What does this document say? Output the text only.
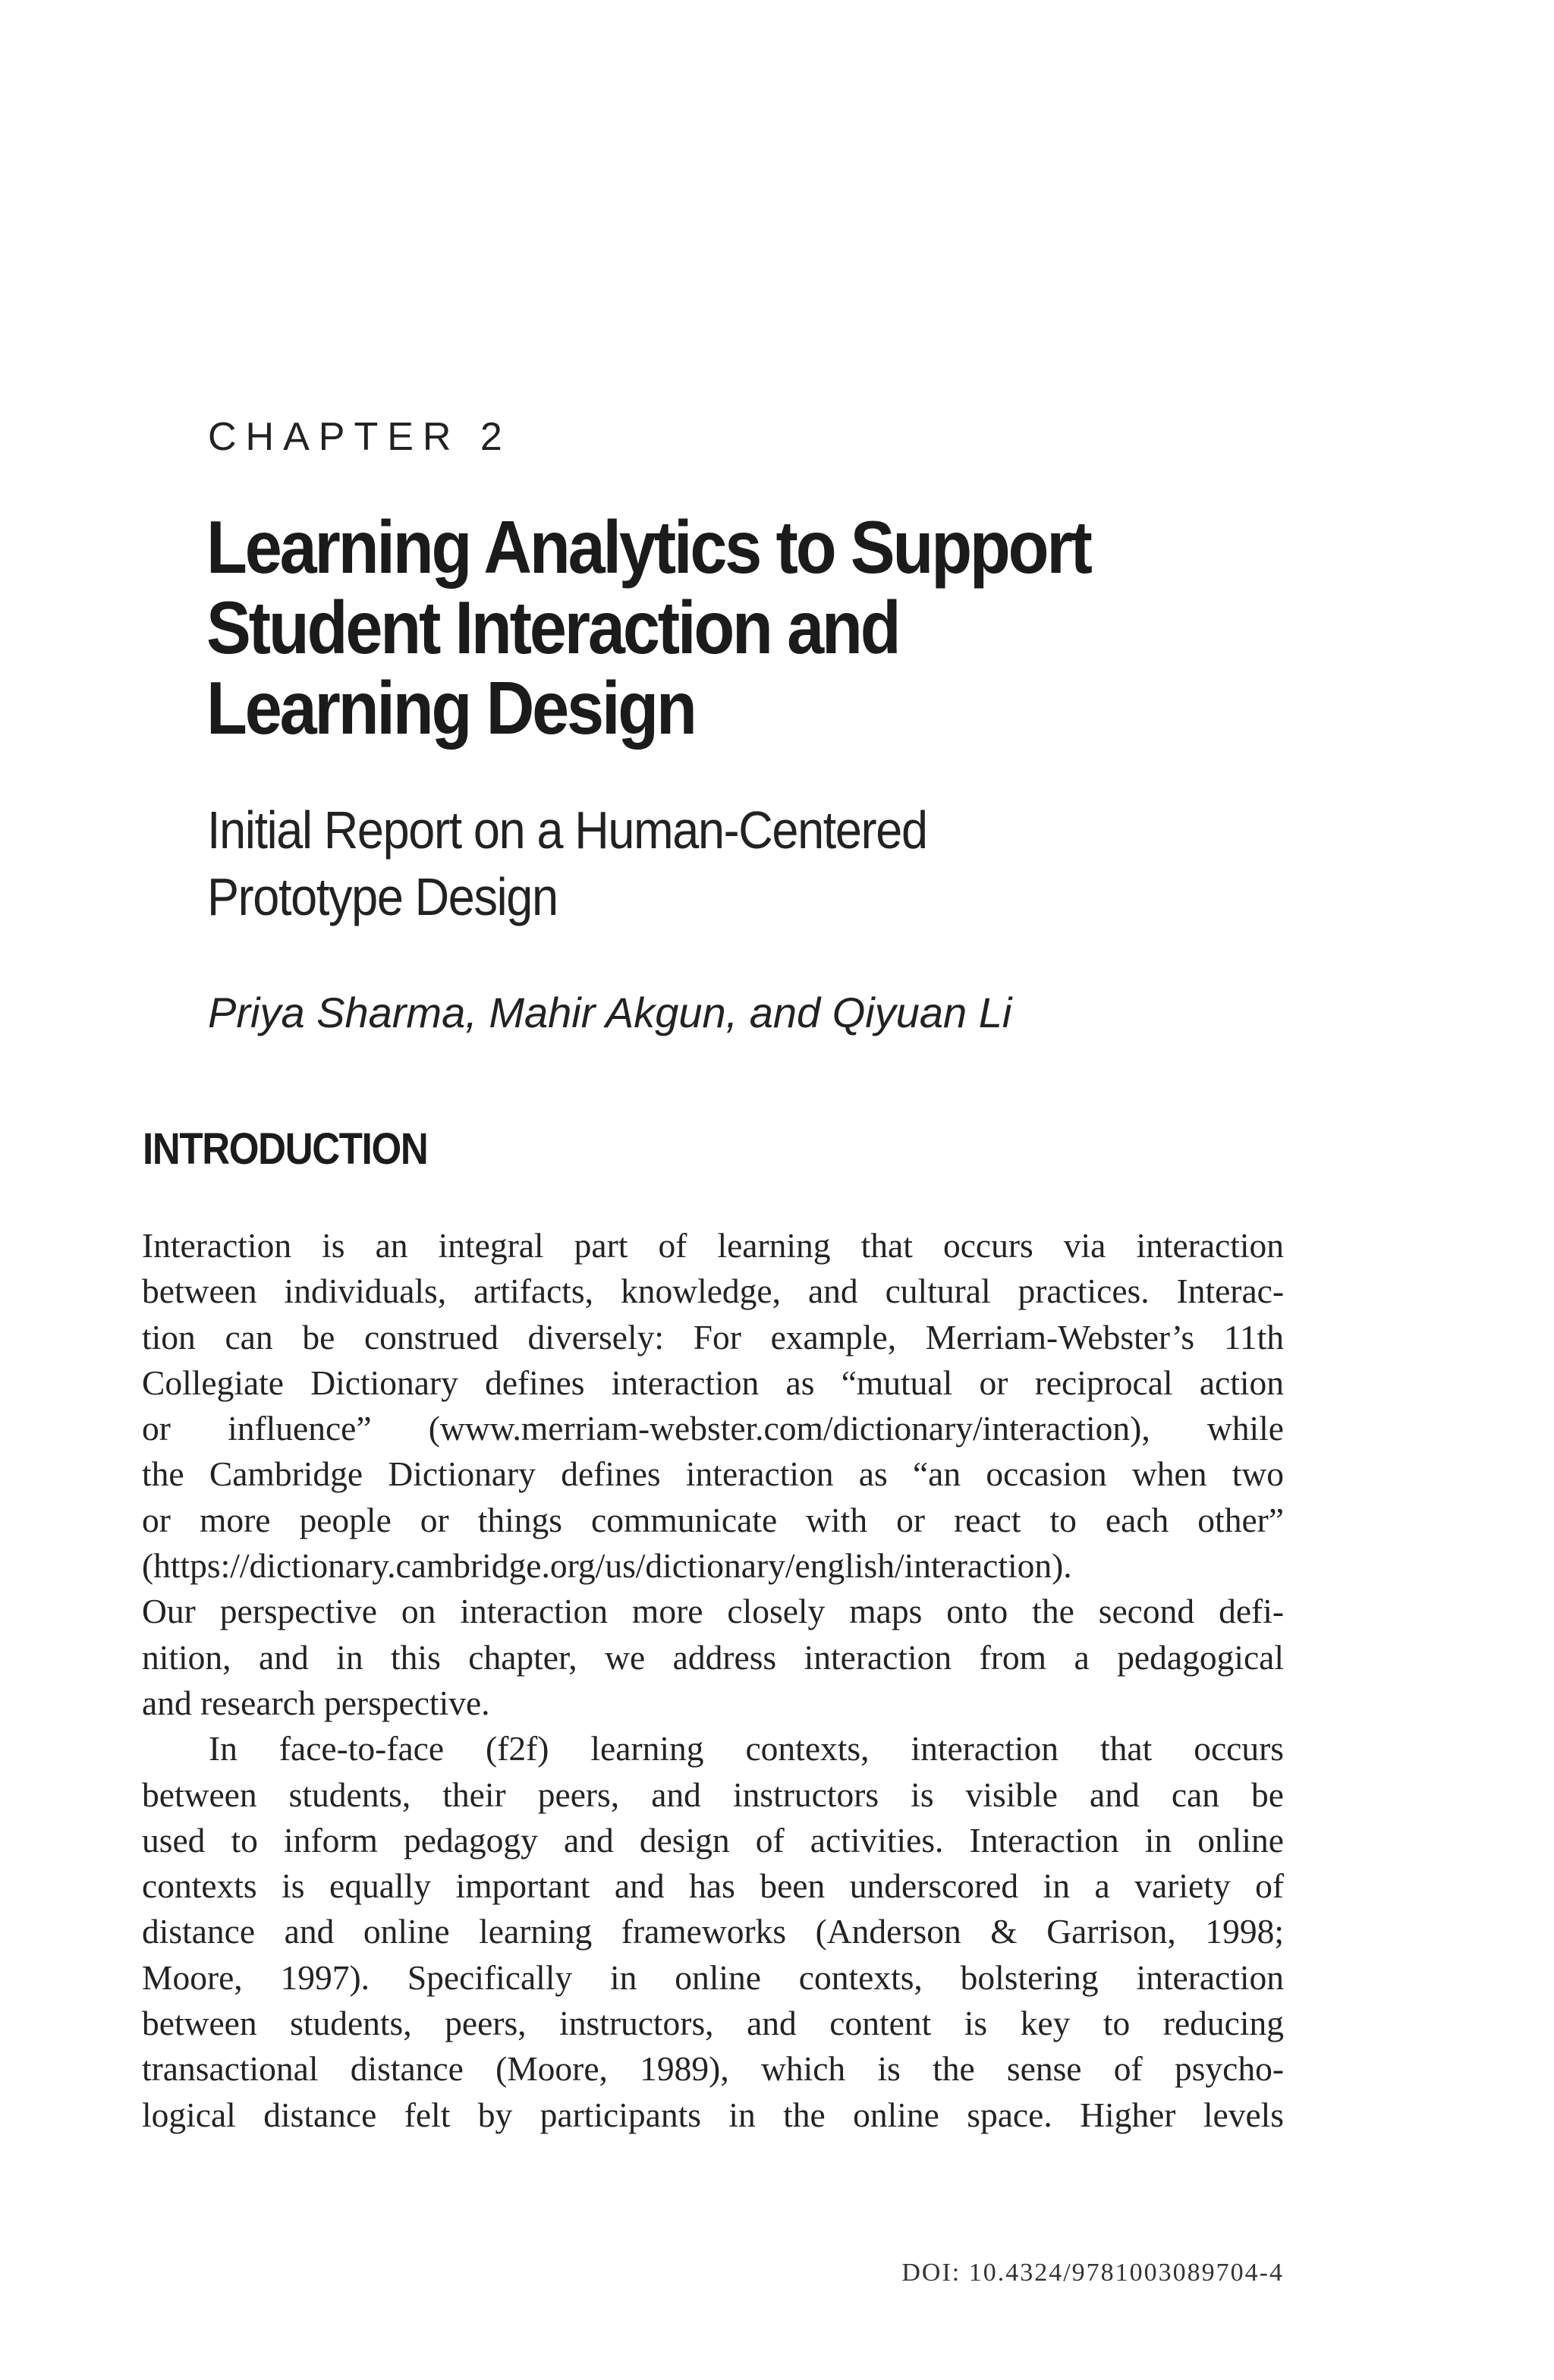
CHAPTER 2
Learning Analytics to Support
Student Interaction and
Learning Design
Initial Report on a Human-Centered
Prototype Design
Priya Sharma, Mahir Akgun, and Qiyuan Li
INTRODUCTION
Interaction is an integral part of learning that occurs via interaction
between individuals, artifacts, knowledge, and cultural practices. Interac-
tion can be construed diversely: For example, Merriam-Webster’s 11th
Collegiate Dictionary defines interaction as “mutual or reciprocal action
or influence” (www.merriam-webster.com/dictionary/interaction), while
the Cambridge Dictionary defines interaction as “an occasion when two
or more people or things communicate with or react to each other”
(https://dictionary.cambridge.org/us/dictionary/english/interaction).
Our perspective on interaction more closely maps onto the second defi-
nition, and in this chapter, we address interaction from a pedagogical
and research perspective.
In face-to-face (f2f) learning contexts, interaction that occurs
between students, their peers, and instructors is visible and can be
used to inform pedagogy and design of activities. Interaction in online
contexts is equally important and has been underscored in a variety of
distance and online learning frameworks (Anderson & Garrison, 1998;
Moore, 1997). Specifically in online contexts, bolstering interaction
between students, peers, instructors, and content is key to reducing
transactional distance (Moore, 1989), which is the sense of psycho-
logical distance felt by participants in the online space. Higher levels
DOI: 10.4324/9781003089704-4
